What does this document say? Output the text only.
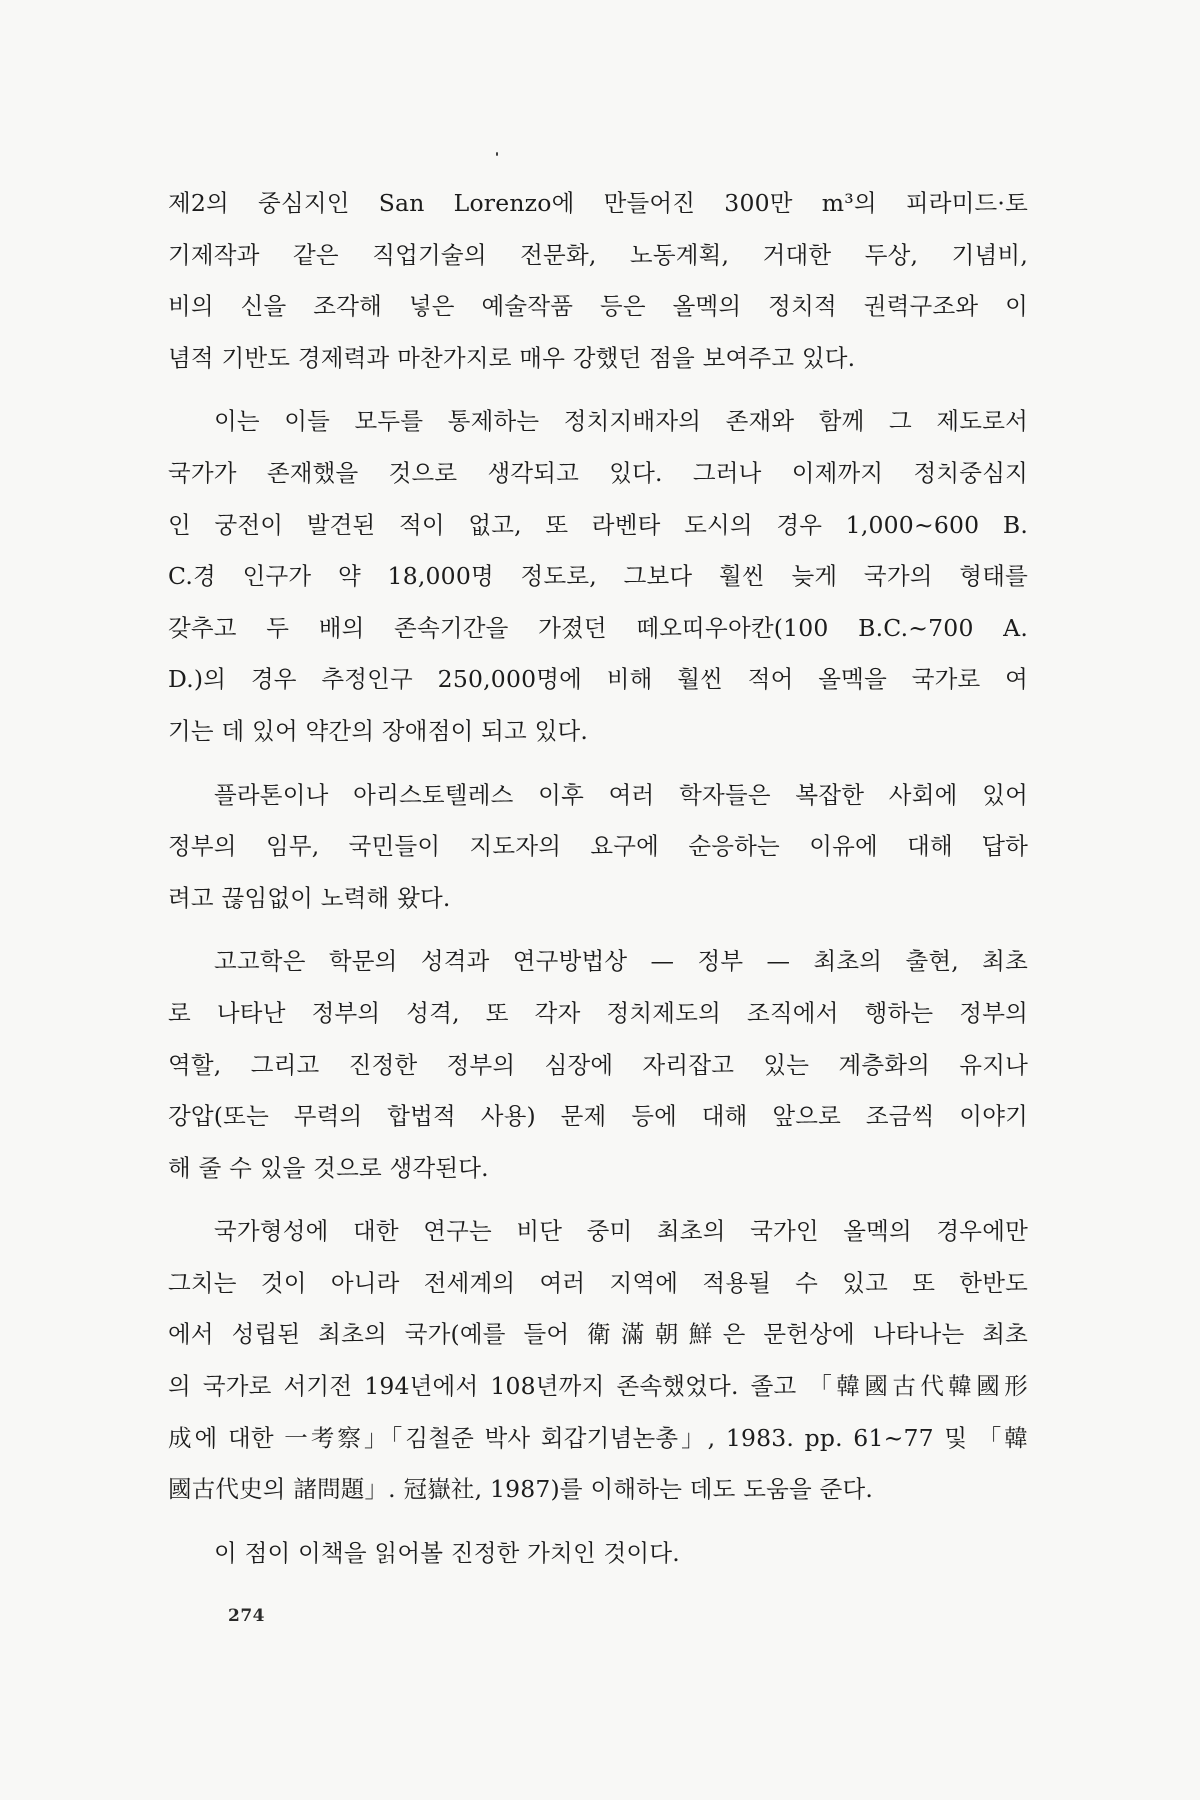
제2의 중심지인 San Lorenzo에 만들어진 300만 m³의 피라미드·토
기제작과 같은 직업기술의 전문화, 노동계획, 거대한 두상, 기념비,
비의 신을 조각해 넣은 예술작품 등은 올멕의 정치적 권력구조와 이
념적 기반도 경제력과 마찬가지로 매우 강했던 점을 보여주고 있다.
이는 이들 모두를 통제하는 정치지배자의 존재와 함께 그 제도로서
국가가 존재했을 것으로 생각되고 있다. 그러나 이제까지 정치중심지
인 궁전이 발견된 적이 없고, 또 라벤타 도시의 경우 1,000~600 B.
C.경 인구가 약 18,000명 정도로, 그보다 훨씬 늦게 국가의 형태를
갖추고 두 배의 존속기간을 가졌던 떼오띠우아칸(100 B.C.~700 A.
D.)의 경우 추정인구 250,000명에 비해 훨씬 적어 올멕을 국가로 여
기는 데 있어 약간의 장애점이 되고 있다.
플라톤이나 아리스토텔레스 이후 여러 학자들은 복잡한 사회에 있어
정부의 임무, 국민들이 지도자의 요구에 순응하는 이유에 대해 답하
려고 끊임없이 노력해 왔다.
고고학은 학문의 성격과 연구방법상 — 정부 — 최초의 출현, 최초
로 나타난 정부의 성격, 또 각자 정치제도의 조직에서 행하는 정부의
역할, 그리고 진정한 정부의 심장에 자리잡고 있는 계층화의 유지나
강압(또는 무력의 합법적 사용) 문제 등에 대해 앞으로 조금씩 이야기
해 줄 수 있을 것으로 생각된다.
국가형성에 대한 연구는 비단 중미 최초의 국가인 올멕의 경우에만
그치는 것이 아니라 전세계의 여러 지역에 적용될 수 있고 또 한반도
에서 성립된 최초의 국가(예를 들어 衛滿朝鮮은 문헌상에 나타나는 최초
의 국가로 서기전 194년에서 108년까지 존속했었다. 졸고 「韓國古代韓國形
成에 대한 一考察」「김철준 박사 회갑기념논총」, 1983. pp. 61~77 및 「韓
國古代史의 諸問題」. 冠嶽社, 1987)를 이해하는 데도 도움을 준다.
이 점이 이책을 읽어볼 진정한 가치인 것이다.
274
